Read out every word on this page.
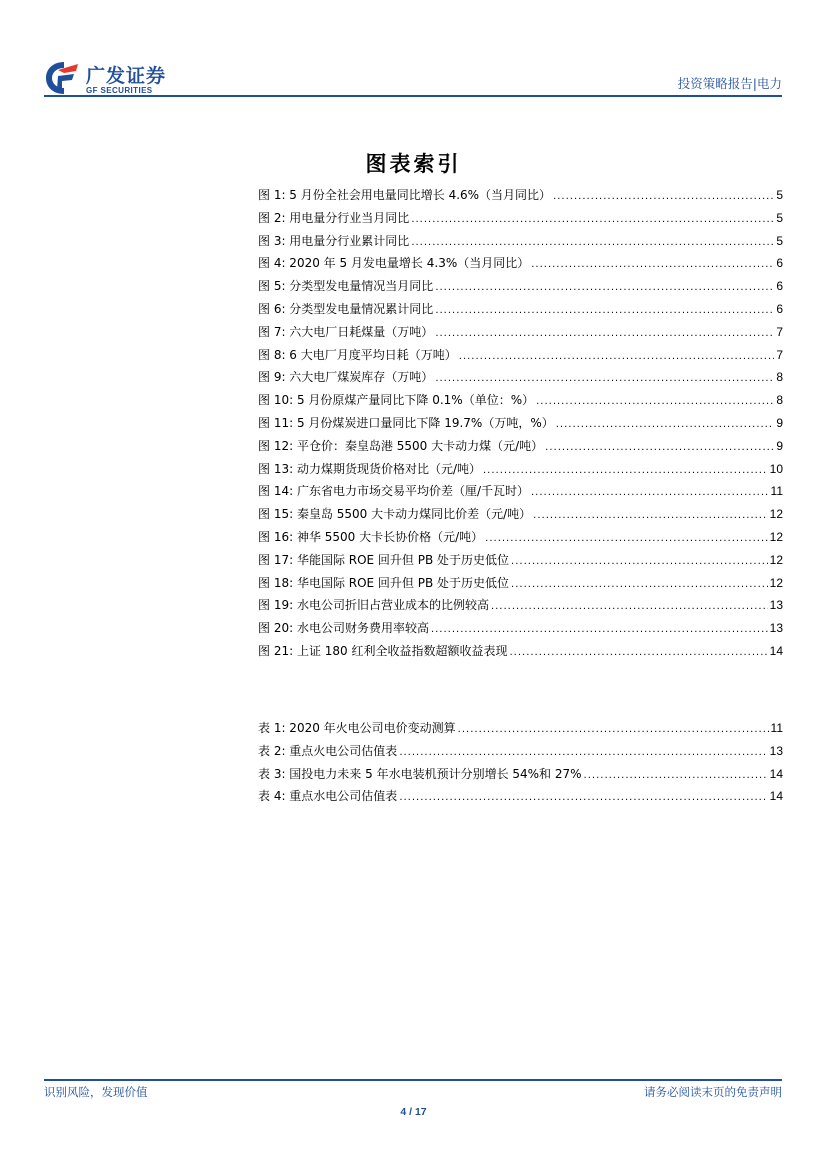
广发证券
GF SECURITIES	投资策略报告|电力
图表索引
图 1: 5 月份全社会用电量同比增长 4.6%（当月同比） .....	5
图 2: 用电量分行业当月同比 .....	5
图 3: 用电量分行业累计同比 .....	5
图 4: 2020 年 5 月发电量增长 4.3%（当月同比） .....	6
图 5: 分类型发电量情况当月同比 .....	6
图 6: 分类型发电量情况累计同比 .....	6
图 7: 六大电厂日耗煤量（万吨） .....	7
图 8: 6 大电厂月度平均日耗（万吨） .....	7
图 9: 六大电厂煤炭库存（万吨） .....	8
图 10: 5 月份原煤产量同比下降 0.1%（单位：%） .....	8
图 11: 5 月份煤炭进口量同比下降 19.7%（万吨，%） .....	9
图 12: 平仓价：秦皇岛港 5500 大卡动力煤（元/吨） .....	9
图 13: 动力煤期货现货价格对比（元/吨） .....	10
图 14: 广东省电力市场交易平均价差（厘/千瓦时） .....	11
图 15: 秦皇岛 5500 大卡动力煤同比价差（元/吨） .....	12
图 16: 神华 5500 大卡长协价格（元/吨） .....	12
图 17: 华能国际 ROE 回升但 PB 处于历史低位 .....	12
图 18: 华电国际 ROE 回升但 PB 处于历史低位 .....	12
图 19: 水电公司折旧占营业成本的比例较高 .....	13
图 20: 水电公司财务费用率较高 .....	13
图 21: 上证 180 红利全收益指数超额收益表现 .....	14
表 1: 2020 年火电公司电价变动测算 .....	11
表 2: 重点火电公司估值表 .....	13
表 3: 国投电力未来 5 年水电装机预计分别增长 54%和 27% .....	14
表 4: 重点水电公司估值表 .....	14
识别风险，发现价值	请务必阅读末页的免责声明
4 / 17
